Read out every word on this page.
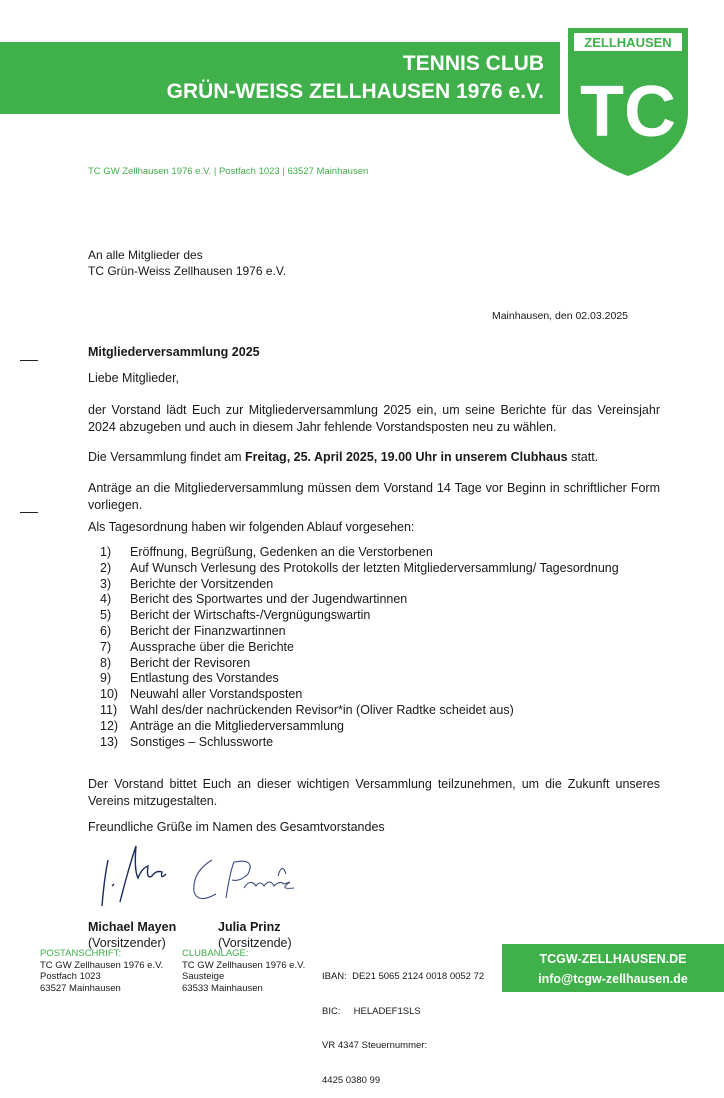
TENNIS CLUB
GRÜN-WEISS ZELLHAUSEN 1976 e.V.
ZELLHAUSEN
TC
TC GW Zellhausen 1976 e.V. | Postfach 1023 | 63527 Mainhausen
An alle Mitglieder des
TC Grün-Weiss Zellhausen 1976 e.V.
Mainhausen, den 02.03.2025
Mitgliederversammlung 2025
Liebe Mitglieder,
der Vorstand lädt Euch zur Mitgliederversammlung 2025 ein, um seine Berichte für das Vereinsjahr 2024 abzugeben und auch in diesem Jahr fehlende Vorstandsposten neu zu wählen.
Die Versammlung findet am Freitag, 25. April 2025, 19.00 Uhr in unserem Clubhaus statt.
Anträge an die Mitgliederversammlung müssen dem Vorstand 14 Tage vor Beginn in schriftlicher Form vorliegen.
Als Tagesordnung haben wir folgenden Ablauf vorgesehen:
1) Eröffnung, Begrüßung, Gedenken an die Verstorbenen
2) Auf Wunsch Verlesung des Protokolls der letzten Mitgliederversammlung/ Tagesordnung
3) Berichte der Vorsitzenden
4) Bericht des Sportwartes und der Jugendwartinnen
5) Bericht der Wirtschafts-/Vergnügungswartin
6) Bericht der Finanzwartinnen
7) Aussprache über die Berichte
8) Bericht der Revisoren
9) Entlastung des Vorstandes
10) Neuwahl aller Vorstandsposten
11) Wahl des/der nachrückenden Revisor*in (Oliver Radtke scheidet aus)
12) Anträge an die Mitgliederversammlung
13) Sonstiges – Schlussworte
Der Vorstand bittet Euch an dieser wichtigen Versammlung teilzunehmen, um die Zukunft unseres Vereins mitzugestalten.
Freundliche Grüße im Namen des Gesamtvorstandes
Michael Mayen
(Vorsitzender)
Julia Prinz
(Vorsitzende)
POSTANSCHRIFT:
TC GW Zellhausen 1976 e.V.
Postfach 1023
63527 Mainhausen
CLUBANLAGE:
TC GW Zellhausen 1976 e.V.
Sausteige
63533 Mainhausen

IBAN:  DE21 5065 2124 0018 0052 72

BIC:     HELADEF1SLS

VR 4347 Steuernummer:

4425 0380 99

TCGW-ZELLHAUSEN.DE
info@tcgw-zellhausen.de
